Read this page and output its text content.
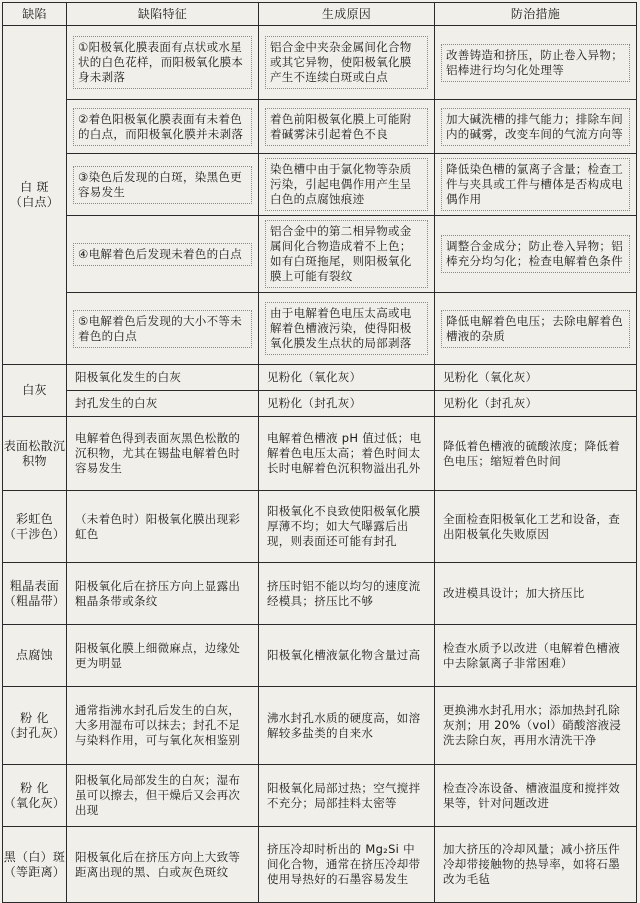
缺陷	缺陷特征	生成原因	防治措施
白 斑
（白点）	①阳极氧化膜表面有点状或水星状的白色花样，而阳极氧化膜本身未剥落	铝合金中夹杂金属间化合物或其它异物，使阳极氧化膜产生不连续白斑或白点	改善铸造和挤压，防止卷入异物；铝棒进行均匀化处理等

	②着色阳极氧化膜表面有未着色的白点，而阳极氧化膜并未剥落	着色前阳极氧化膜上可能附着碱雾沫引起着色不良	加大碱洗槽的排气能力；排除车间内的碱雾，改变车间的气流方向等

	③染色后发现的白斑，染黑色更容易发生	染色槽中由于氯化物等杂质污染，引起电偶作用产生呈白色的点腐蚀痕迹	降低染色槽的氯离子含量；检查工件与夹具或工件与槽体是否构成电偶作用

	④电解着色后发现未着色的白点	铝合金中的第二相异物或金属间化合物造成着不上色；如有白斑拖尾，则阳极氧化膜上可能有裂纹	调整合金成分；防止卷入异物；铝棒充分均匀化；检查电解着色条件

	⑤电解着色后发现的大小不等未着色的白点	由于电解着色电压太高或电解着色槽液污染，使得阳极氧化膜发生点状的局部剥落	降低电解着色电压；去除电解着色槽液的杂质

白灰	阳极氧化发生的白灰	见粉化（氧化灰）	见粉化（氧化灰）

	封孔发生的白灰	见粉化（封孔灰）	见粉化（封孔灰）

表面松散沉积物	电解着色得到表面灰黑色松散的沉积物，尤其在锡盐电解着色时容易发生	电解着色槽液 pH 值过低；电解着色电压太高；着色时间太长时电解着色沉积物溢出孔外	降低着色槽液的硫酸浓度；降低着色电压；缩短着色时间

彩虹色
（干涉色）	（未着色时）阳极氧化膜出现彩虹色	阳极氧化不良致使阳极氧化膜厚薄不均；如大气曝露后出现，则表面还可能有封孔	全面检查阳极氧化工艺和设备，查出阳极氧化失败原因

粗晶表面（粗晶带）	阳极氧化后在挤压方向上显露出粗晶条带或条纹	挤压时铝不能以均匀的速度流经模具；挤压比不够	改进模具设计；加大挤压比

点腐蚀	阳极氧化膜上细微麻点，边缘处更为明显	阳极氧化槽液氯化物含量过高	检查水质予以改进（电解着色槽液中去除氯离子非常困难）

粉 化
（封孔灰）	通常指沸水封孔后发生的白灰，大多用湿布可以抹去；封孔不足与染料作用，可与氧化灰相鉴别	沸水封孔水质的硬度高，如溶解较多盐类的自来水	更换沸水封孔用水；添加热封孔除灰剂；用 20%（vol）硝酸溶液浸洗去除白灰，再用水清洗干净

粉 化
（氧化灰）	阳极氧化局部发生的白灰；湿布虽可以擦去，但干燥后又会再次出现	阳极氧化局部过热；空气搅拌不充分；局部挂料太密等	检查冷冻设备、槽液温度和搅拌效果等，针对问题改进

黑（白）斑（等距离）	阳极氧化后在挤压方向上大致等距离出现的黑、白或灰色斑纹	挤压冷却时析出的 Mg₂Si 中间化合物，通常在挤压冷却带使用导热好的石墨容易发生	加大挤压的冷却风量；减小挤压件冷却带接触物的热导率，如将石墨改为毛毡
